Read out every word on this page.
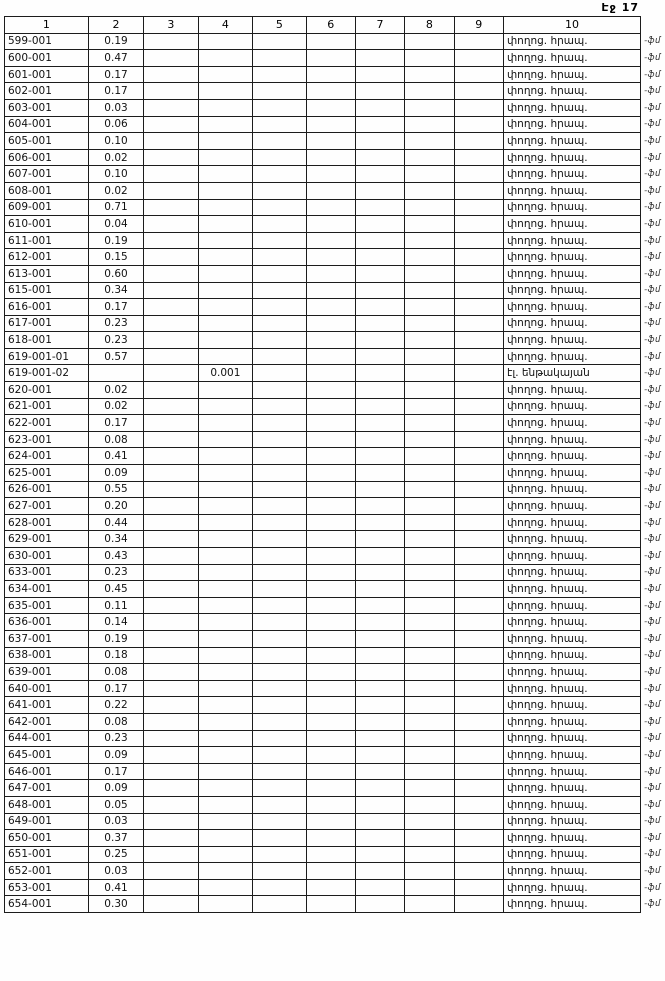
Էջ 17
1	2	3	4	5	6	7	8	9	10	
599-001	0.19								փողոց. հրապ.	-ֆմ
600-001	0.47								փողոց. հրապ.	-ֆմ
601-001	0.17								փողոց. հրապ.	-ֆմ
602-001	0.17								փողոց. հրապ.	-ֆմ
603-001	0.03								փողոց. հրապ.	-ֆմ
604-001	0.06								փողոց. հրապ.	-ֆմ
605-001	0.10								փողոց. հրապ.	-ֆմ
606-001	0.02								փողոց. հրապ.	-ֆմ
607-001	0.10								փողոց. հրապ.	-ֆմ
608-001	0.02								փողոց. հրապ.	-ֆմ
609-001	0.71								փողոց. հրապ.	-ֆմ
610-001	0.04								փողոց. հրապ.	-ֆմ
611-001	0.19								փողոց. հրապ.	-ֆմ
612-001	0.15								փողոց. հրապ.	-ֆմ
613-001	0.60								փողոց. հրապ.	-ֆմ
615-001	0.34								փողոց. հրապ.	-ֆմ
616-001	0.17								փողոց. հրապ.	-ֆմ
617-001	0.23								փողոց. հրապ.	-ֆմ
618-001	0.23								փողոց. հրապ.	-ֆմ
619-001-01	0.57								փողոց. հրապ.	-ֆմ
619-001-02			0.001						էլ. ենթակայան	-ֆմ
620-001	0.02								փողոց. հրապ.	-ֆմ
621-001	0.02								փողոց. հրապ.	-ֆմ
622-001	0.17								փողոց. հրապ.	-ֆմ
623-001	0.08								փողոց. հրապ.	-ֆմ
624-001	0.41								փողոց. հրապ.	-ֆմ
625-001	0.09								փողոց. հրապ.	-ֆմ
626-001	0.55								փողոց. հրապ.	-ֆմ
627-001	0.20								փողոց. հրապ.	-ֆմ
628-001	0.44								փողոց. հրապ.	-ֆմ
629-001	0.34								փողոց. հրապ.	-ֆմ
630-001	0.43								փողոց. հրապ.	-ֆմ
633-001	0.23								փողոց. հրապ.	-ֆմ
634-001	0.45								փողոց. հրապ.	-ֆմ
635-001	0.11								փողոց. հրապ.	-ֆմ
636-001	0.14								փողոց. հրապ.	-ֆմ
637-001	0.19								փողոց. հրապ.	-ֆմ
638-001	0.18								փողոց. հրապ.	-ֆմ
639-001	0.08								փողոց. հրապ.	-ֆմ
640-001	0.17								փողոց. հրապ.	-ֆմ
641-001	0.22								փողոց. հրապ.	-ֆմ
642-001	0.08								փողոց. հրապ.	-ֆմ
644-001	0.23								փողոց. հրապ.	-ֆմ
645-001	0.09								փողոց. հրապ.	-ֆմ
646-001	0.17								փողոց. հրապ.	-ֆմ
647-001	0.09								փողոց. հրապ.	-ֆմ
648-001	0.05								փողոց. հրապ.	-ֆմ
649-001	0.03								փողոց. հրապ.	-ֆմ
650-001	0.37								փողոց. հրապ.	-ֆմ
651-001	0.25								փողոց. հրապ.	-ֆմ
652-001	0.03								փողոց. հրապ.	-ֆմ
653-001	0.41								փողոց. հրապ.	-ֆմ
654-001	0.30								փողոց. հրապ.	-ֆմ
